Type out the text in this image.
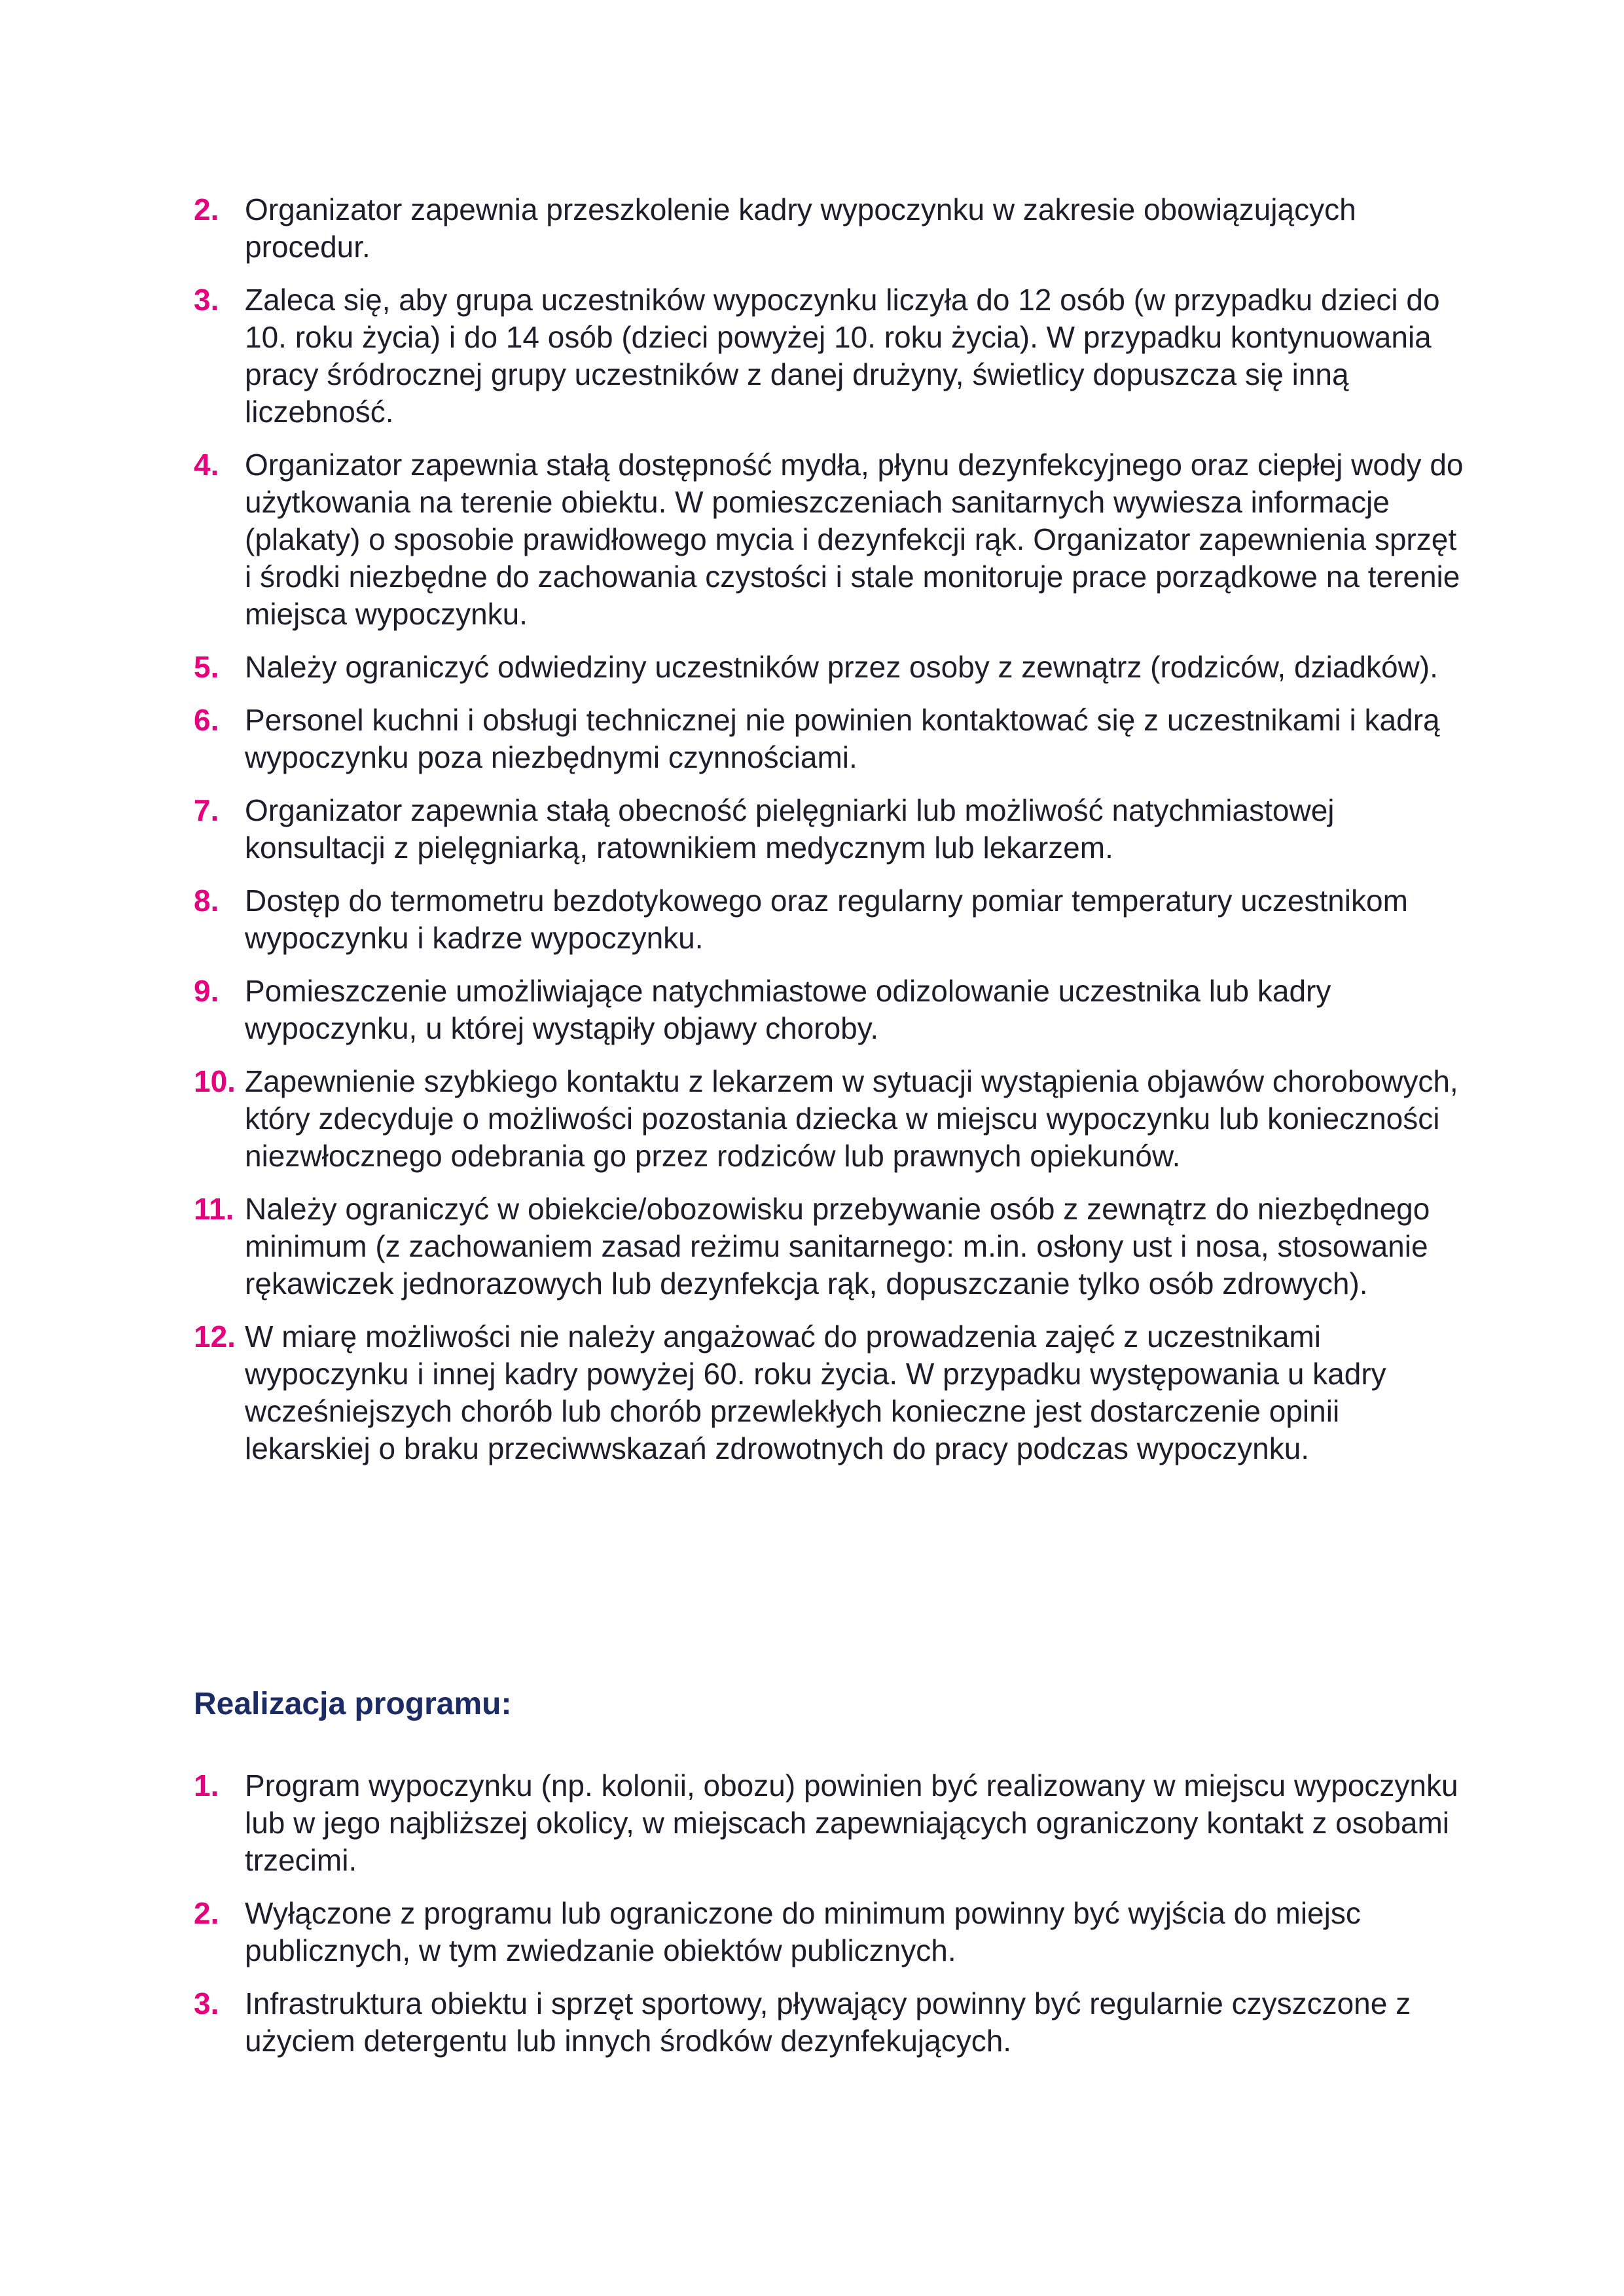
2. Organizator zapewnia przeszkolenie kadry wypoczynku w zakresie obowiązujących procedur.
3. Zaleca się, aby grupa uczestników wypoczynku liczyła do 12 osób (w przypadku dzieci do 10. roku życia) i do 14 osób (dzieci powyżej 10. roku życia). W przypadku kontynuowania pracy śródrocznej grupy uczestników z danej drużyny, świetlicy dopuszcza się inną liczebność.
4. Organizator zapewnia stałą dostępność mydła, płynu dezynfekcyjnego oraz ciepłej wody do użytkowania na terenie obiektu. W pomieszczeniach sanitarnych wywiesza informacje (plakaty) o sposobie prawidłowego mycia i dezynfekcji rąk. Organizator zapewnienia sprzęt i środki niezbędne do zachowania czystości i stale monitoruje prace porządkowe na terenie miejsca wypoczynku.
5. Należy ograniczyć odwiedziny uczestników przez osoby z zewnątrz (rodziców, dziadków).
6. Personel kuchni i obsługi technicznej nie powinien kontaktować się z uczestnikami i kadrą wypoczynku poza niezbędnymi czynnościami.
7. Organizator zapewnia stałą obecność pielęgniarki lub możliwość natychmiastowej konsultacji z pielęgniarką, ratownikiem medycznym lub lekarzem.
8. Dostęp do termometru bezdotykowego oraz regularny pomiar temperatury uczestnikom wypoczynku i kadrze wypoczynku.
9. Pomieszczenie umożliwiające natychmiastowe odizolowanie uczestnika lub kadry wypoczynku, u której wystąpiły objawy choroby.
10. Zapewnienie szybkiego kontaktu z lekarzem w sytuacji wystąpienia objawów chorobowych, który zdecyduje o możliwości pozostania dziecka w miejscu wypoczynku lub konieczności niezwłocznego odebrania go przez rodziców lub prawnych opiekunów.
11. Należy ograniczyć w obiekcie/obozowisku przebywanie osób z zewnątrz do niezbędnego minimum (z zachowaniem zasad reżimu sanitarnego: m.in. osłony ust i nosa, stosowanie rękawiczek jednorazowych lub dezynfekcja rąk, dopuszczanie tylko osób zdrowych).
12. W miarę możliwości nie należy angażować do prowadzenia zajęć z uczestnikami wypoczynku i innej kadry powyżej 60. roku życia. W przypadku występowania u kadry wcześniejszych chorób lub chorób przewlekłych konieczne jest dostarczenie opinii lekarskiej o braku przeciwwskazań zdrowotnych do pracy podczas wypoczynku.
Realizacja programu:
1. Program wypoczynku (np. kolonii, obozu) powinien być realizowany w miejscu wypoczynku lub w jego najbliższej okolicy, w miejscach zapewniających ograniczony kontakt z osobami trzecimi.
2. Wyłączone z programu lub ograniczone do minimum powinny być wyjścia do miejsc publicznych, w tym zwiedzanie obiektów publicznych.
3. Infrastruktura obiektu i sprzęt sportowy, pływający powinny być regularnie czyszczone z użyciem detergentu lub innych środków dezynfekujących.
